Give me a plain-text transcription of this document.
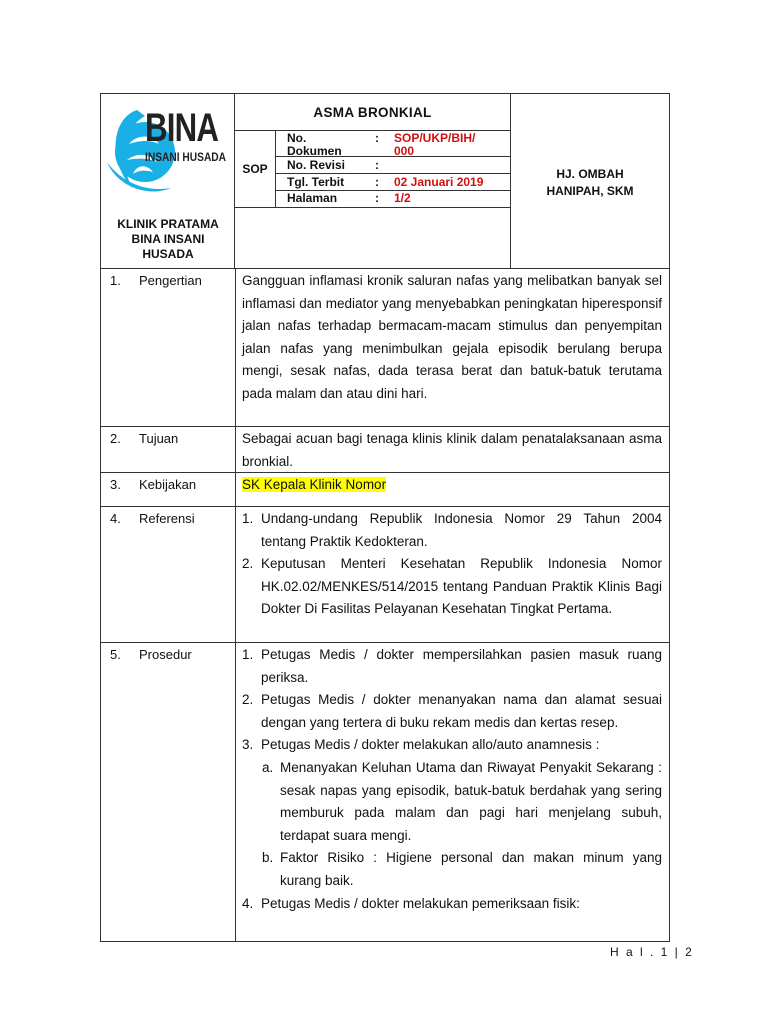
BINA
INSANI HUSADA
KLINIK PRATAMA
BINA INSANI
HUSADA
ASMA BRONKIAL
SOP
No.
Dokumen
: SOP/UKP/BIH/
000
No. Revisi	:
Tgl. Terbit	: 02 Januari 2019
Halaman	: 1/2
HJ. OMBAH
HANIPAH, SKM
1. Pengertian	Gangguan inflamasi kronik saluran nafas yang melibatkan banyak sel inflamasi dan mediator yang menyebabkan peningkatan hiperesponsif jalan nafas terhadap bermacam-macam stimulus dan penyempitan jalan nafas yang menimbulkan gejala episodik berulang berupa mengi, sesak nafas, dada terasa berat dan batuk-batuk terutama pada malam dan atau dini hari.

2. Tujuan	Sebagai acuan bagi tenaga klinis klinik dalam penatalaksanaan asma bronkial.

3. Kebijakan	SK Kepala Klinik Nomor
4. Referensi	1. Undang-undang Republik Indonesia Nomor 29 Tahun 2004 tentang Praktik Kedokteran.
2. Keputusan Menteri Kesehatan Republik Indonesia Nomor HK.02.02/MENKES/514/2015 tentang Panduan Praktik Klinis Bagi Dokter Di Fasilitas Pelayanan Kesehatan Tingkat Pertama.
5. Prosedur	1. Petugas Medis / dokter mempersilahkan pasien masuk ruang periksa.
2. Petugas Medis / dokter menanyakan nama dan alamat sesuai dengan yang tertera di buku rekam medis dan kertas resep.
3. Petugas Medis / dokter melakukan allo/auto anamnesis :
a. Menanyakan Keluhan Utama dan Riwayat Penyakit Sekarang : sesak napas yang episodik, batuk-batuk berdahak yang sering memburuk pada malam dan pagi hari menjelang subuh, terdapat suara mengi.
b. Faktor Risiko : Higiene personal dan makan minum yang kurang baik.
4. Petugas Medis / dokter melakukan pemeriksaan fisik:
H a l . 1 | 2
